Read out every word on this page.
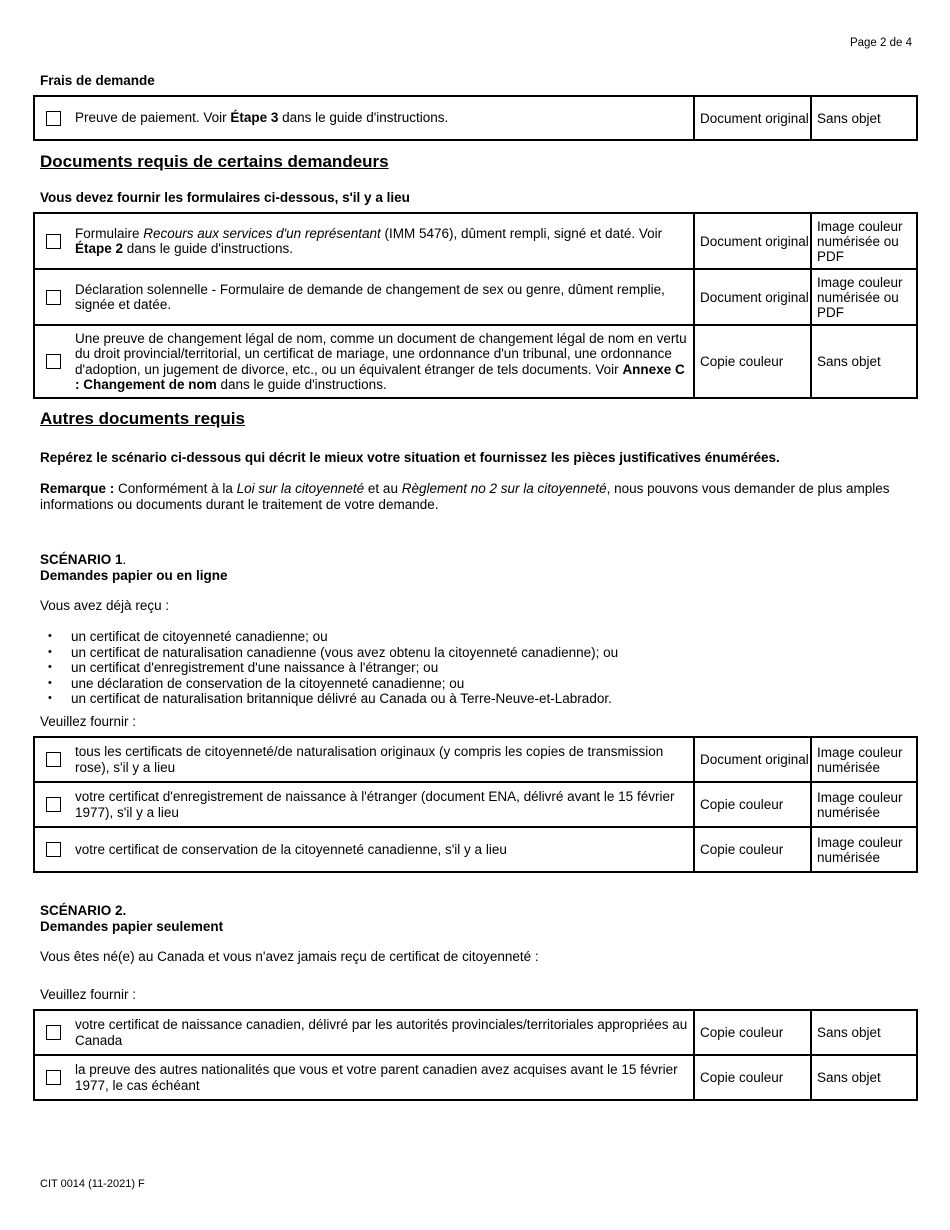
Page 2 de 4
Frais de demande
Preuve de paiement. Voir Étape 3 dans le guide d'instructions.	Document original	Sans objet
Documents requis de certains demandeurs
Vous devez fournir les formulaires ci-dessous, s'il y a lieu
Formulaire Recours aux services d'un représentant (IMM 5476), dûment rempli, signé et daté. Voir Étape 2 dans le guide d'instructions.	Document original	Image couleur numérisée ou PDF

Déclaration solennelle - Formulaire de demande de changement de sex ou genre, dûment remplie, signée et datée.	Document original	Image couleur numérisée ou PDF

Une preuve de changement légal de nom, comme un document de changement légal de nom en vertu du droit provincial/territorial, un certificat de mariage, une ordonnance d'un tribunal, une ordonnance d'adoption, un jugement de divorce, etc., ou un équivalent étranger de tels documents. Voir Annexe C : Changement de nom dans le guide d'instructions.	Copie couleur	Sans objet
Autres documents requis
Repérez le scénario ci-dessous qui décrit le mieux votre situation et fournissez les pièces justificatives énumérées.
Remarque : Conformément à la Loi sur la citoyenneté et au Règlement no 2 sur la citoyenneté, nous pouvons vous demander de plus amples informations ou documents durant le traitement de votre demande.
SCÉNARIO 1.
Demandes papier ou en ligne
Vous avez déjà reçu :
• un certificat de citoyenneté canadienne; ou
• un certificat de naturalisation canadienne (vous avez obtenu la citoyenneté canadienne); ou
• un certificat d'enregistrement d'une naissance à l'étranger; ou
• une déclaration de conservation de la citoyenneté canadienne; ou
• un certificat de naturalisation britannique délivré au Canada ou à Terre-Neuve-et-Labrador.
Veuillez fournir :
tous les certificats de citoyenneté/de naturalisation originaux (y compris les copies de transmission rose), s'il y a lieu	Document original	Image couleur numérisée

votre certificat d'enregistrement de naissance à l'étranger (document ENA, délivré avant le 15 février 1977), s'il y a lieu	Copie couleur	Image couleur numérisée

votre certificat de conservation de la citoyenneté canadienne, s'il y a lieu	Copie couleur	Image couleur numérisée
SCÉNARIO 2.
Demandes papier seulement
Vous êtes né(e) au Canada et vous n'avez jamais reçu de certificat de citoyenneté :
Veuillez fournir :
votre certificat de naissance canadien, délivré par les autorités provinciales/territoriales appropriées au Canada	Copie couleur	Sans objet

la preuve des autres nationalités que vous et votre parent canadien avez acquises avant le 15 février 1977, le cas échéant	Copie couleur	Sans objet
CIT 0014 (11-2021) F
